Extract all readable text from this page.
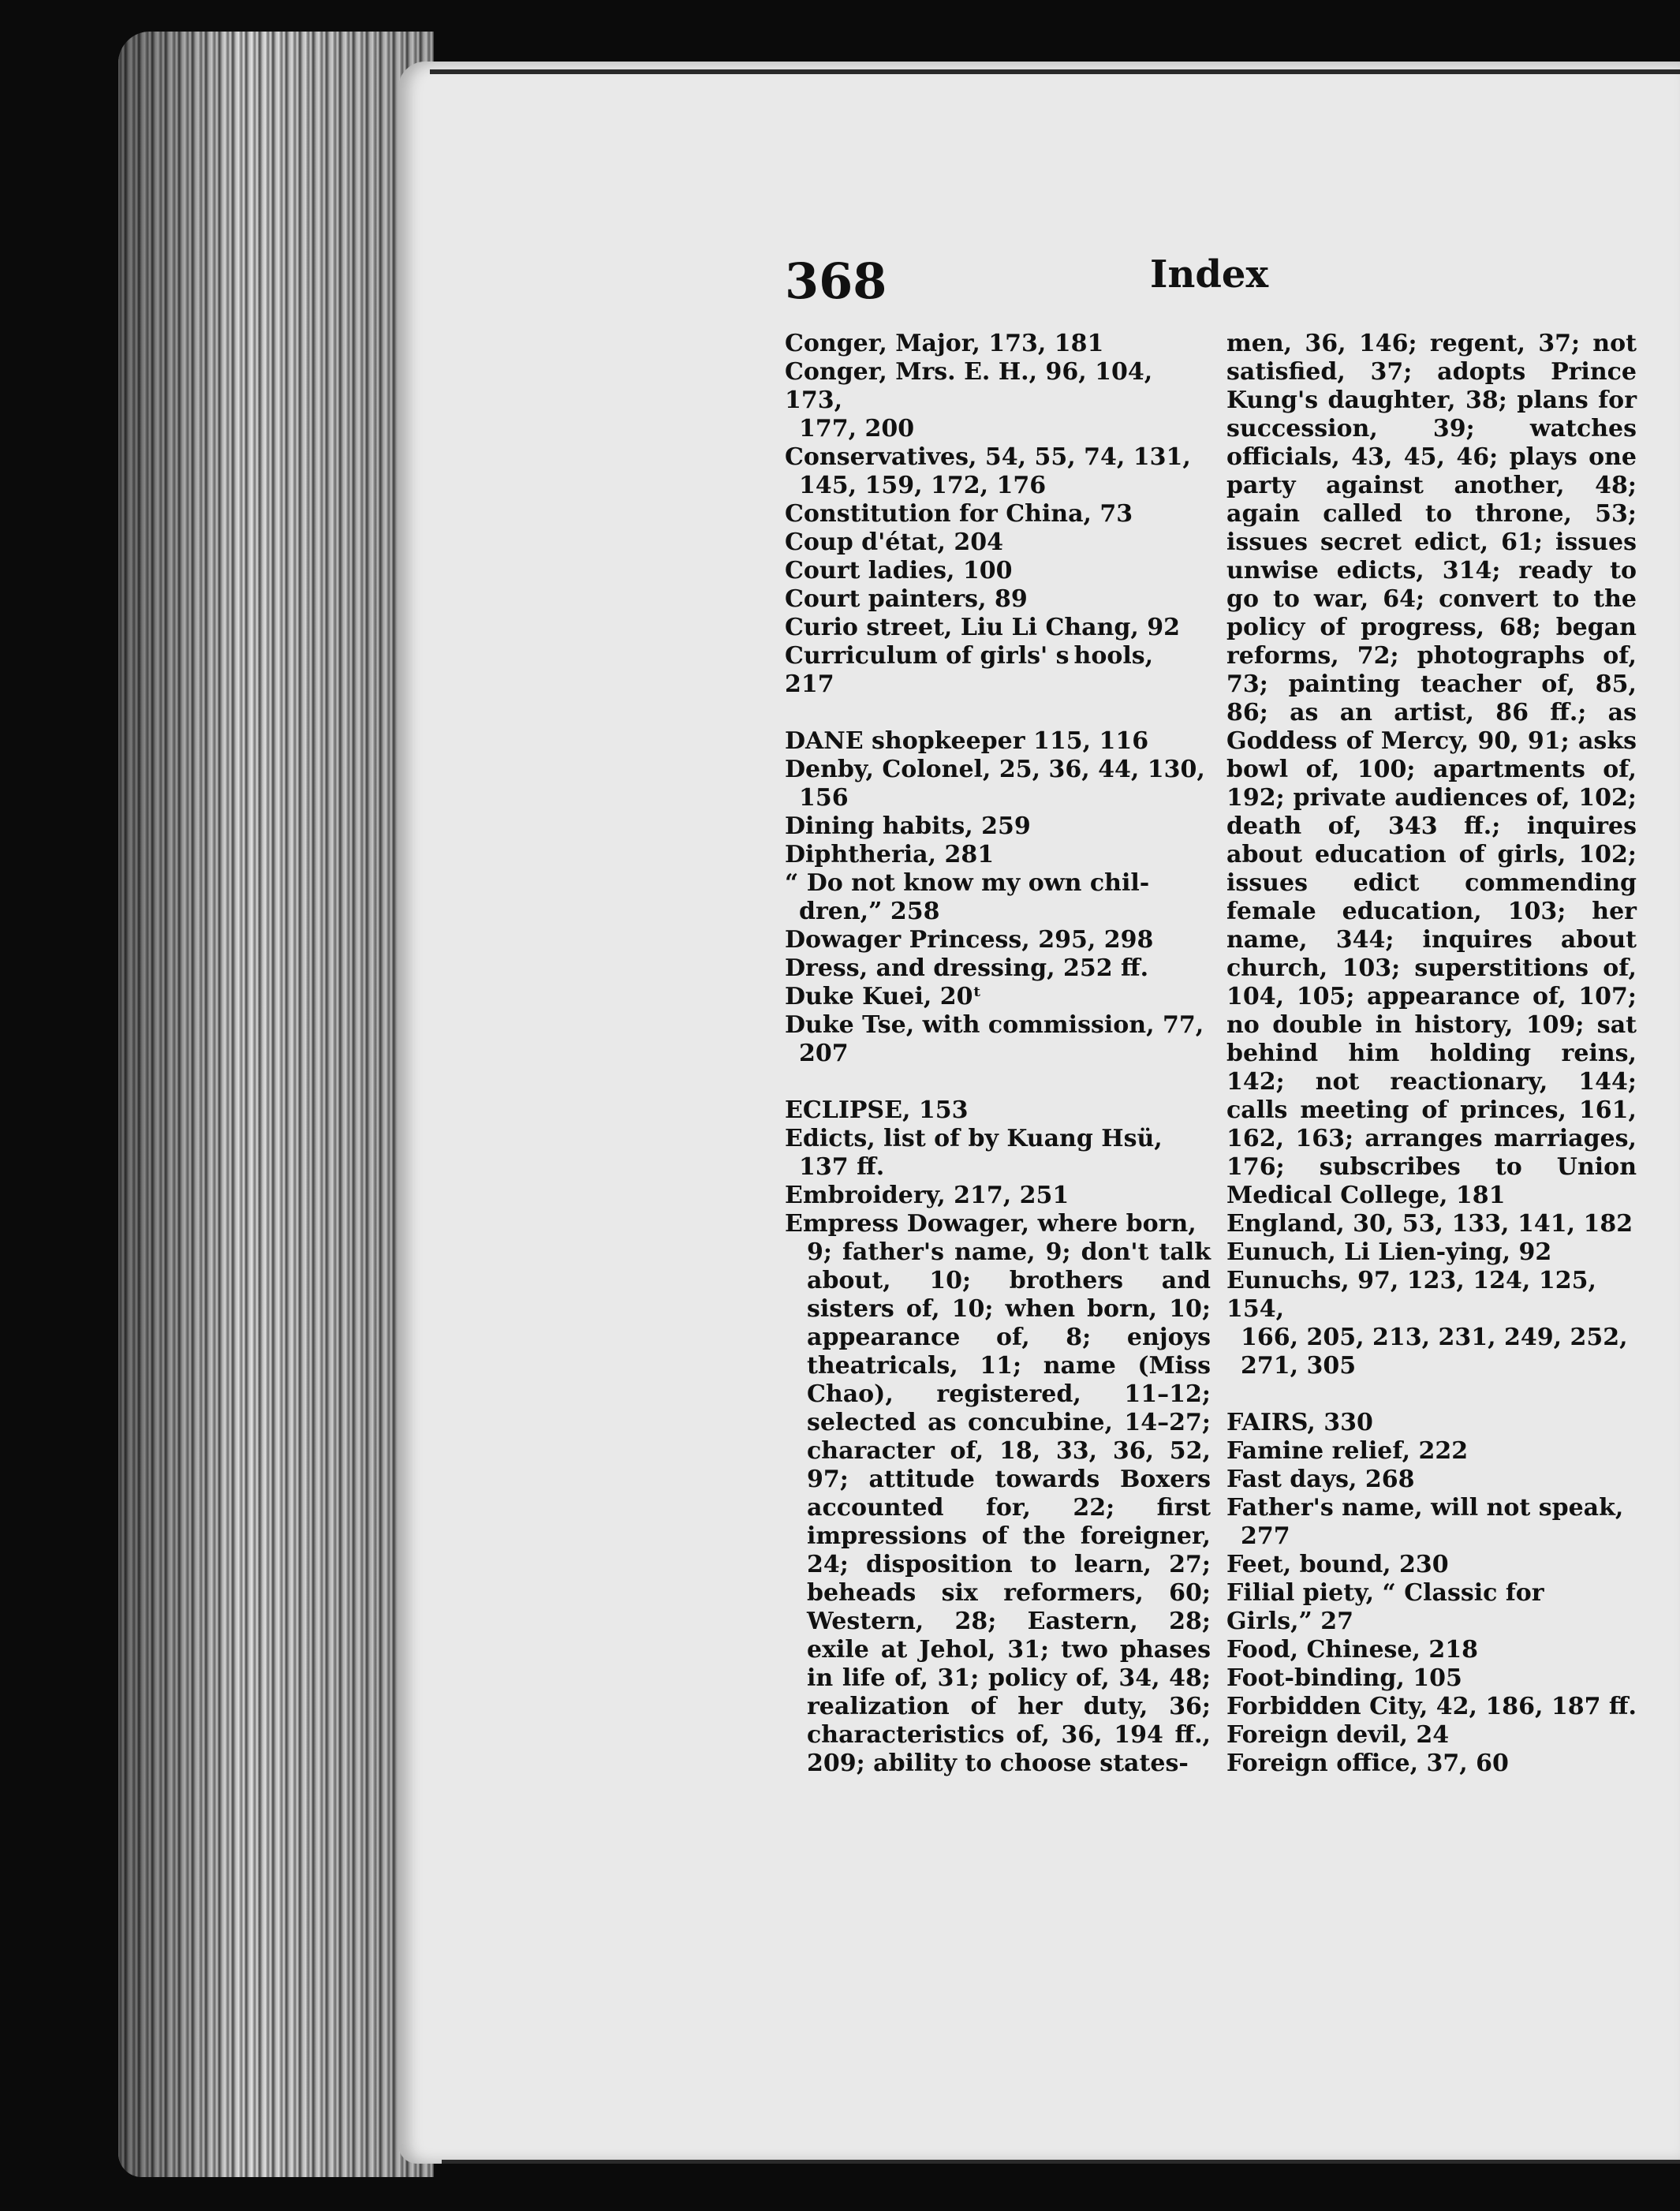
368	Index
Conger, Major, 173, 181
Conger, Mrs. E. H., 96, 104, 173,
177, 200
Conservatives, 54, 55, 74, 131,
145, 159, 172, 176
Constitution for China, 73
Coup d'état, 204
Court ladies, 100
Court painters, 89
Curio street, Liu Li Chang, 92
Curriculum of girls' s hools, 217
DANE shopkeeper 115, 116
Denby, Colonel, 25, 36, 44, 130,
156
Dining habits, 259
Diphtheria, 281
“ Do not know my own chil-
dren,” 258
Dowager Princess, 295, 298
Dress, and dressing, 252 ff.
Duke Kuei, 20ᵗ
Duke Tse, with commission, 77,
207
ECLIPSE, 153
Edicts, list of by Kuang Hsü,
137 ff.
Embroidery, 217, 251
Empress Dowager, where born,
9; father's name, 9; don't talk about, 10; brothers and sisters of, 10; when born, 10; appearance of, 8; enjoys theatricals, 11; name (Miss Chao), registered, 11–12; selected as concubine, 14–27; character of, 18, 33, 36, 52, 97; attitude towards Boxers accounted for, 22; first impressions of the foreigner, 24; disposition to learn, 27; beheads six reformers, 60; Western, 28; Eastern, 28; exile at Jehol, 31; two phases in life of, 31; policy of, 34, 48; realization of her duty, 36; characteristics of, 36, 194 ff., 209; ability to choose states-
men, 36, 146; regent, 37; not satisfied, 37; adopts Prince Kung's daughter, 38; plans for succession, 39; watches officials, 43, 45, 46; plays one party against another, 48; again called to throne, 53; issues secret edict, 61; issues unwise edicts, 314; ready to go to war, 64; convert to the policy of progress, 68; began reforms, 72; photographs of, 73; painting teacher of, 85, 86; as an artist, 86 ff.; as Goddess of Mercy, 90, 91; asks bowl of, 100; apartments of, 192; private audiences of, 102; death of, 343 ff.; inquires about education of girls, 102; issues edict commending female education, 103; her name, 344; inquires about church, 103; superstitions of, 104, 105; appearance of, 107; no double in history, 109; sat behind him holding reins, 142; not reactionary, 144; calls meeting of princes, 161, 162, 163; arranges marriages, 176; subscribes to Union Medical College, 181
England, 30, 53, 133, 141, 182
Eunuch, Li Lien-ying, 92
Eunuchs, 97, 123, 124, 125, 154,
166, 205, 213, 231, 249, 252, 271, 305
FAIRS, 330
Famine relief, 222
Fast days, 268
Father's name, will not speak,
277
Feet, bound, 230
Filial piety, “ Classic for Girls,” 27
Food, Chinese, 218
Foot-binding, 105
Forbidden City, 42, 186, 187 ff.
Foreign devil, 24
Foreign office, 37, 60
